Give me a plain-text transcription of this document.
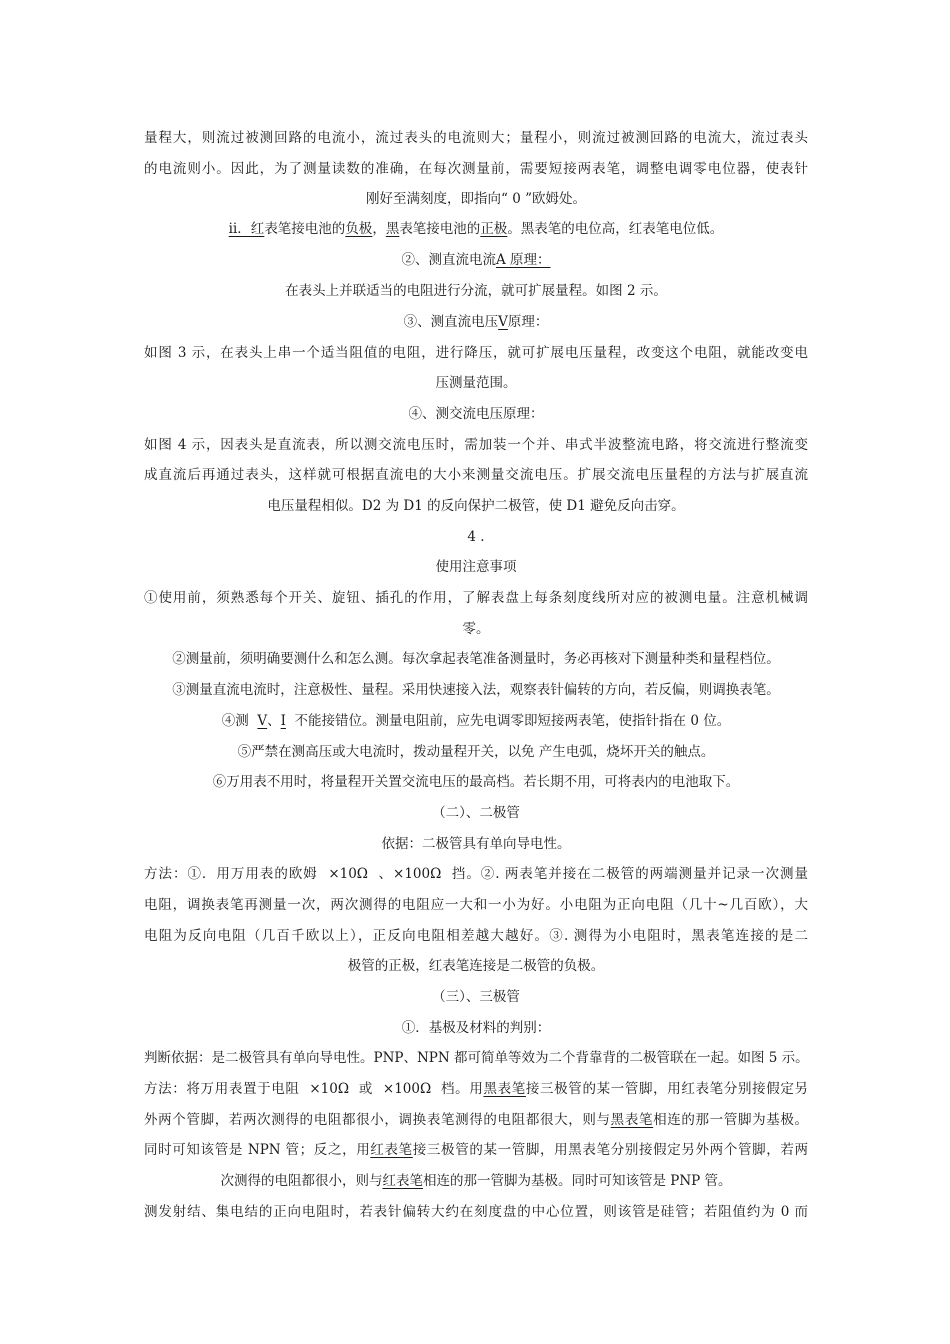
量程大，则流过被测回路的电流小，流过表头的电流则大；量程小，则流过被测回路的电流大，流过表头
的电流则小。因此，为了测量读数的准确，在每次测量前，需要短接两表笔，调整电调零电位器，使表针
刚好至满刻度，即指向“ 0 ”欧姆处。
ⅱ．红表笔接电池的负极，黑表笔接电池的正极。黑表笔的电位高，红表笔电位低。
②、测直流电流A 原理：
在表头上并联适当的电阻进行分流，就可扩展量程。如图 2 示。
③、测直流电压V原理：
如图 3 示，在表头上串一个适当阻值的电阻，进行降压，就可扩展电压量程，改变这个电阻，就能改变电
压测量范围。
④、测交流电压原理：
如图 4 示，因表头是直流表，所以测交流电压时，需加装一个并、串式半波整流电路，将交流进行整流变
成直流后再通过表头，这样就可根据直流电的大小来测量交流电压。扩展交流电压量程的方法与扩展直流
电压量程相似。D2 为 D1 的反向保护二极管，使 D1 避免反向击穿。
4 .
使用注意事项
①使用前，须熟悉每个开关、旋钮、插孔的作用，了解表盘上每条刻度线所对应的被测电量。注意机械调
零。
②测量前，须明确要测什么和怎么测。每次拿起表笔准备测量时，务必再核对下测量种类和量程档位。
③测量直流电流时，注意极性、量程。采用快速接入法，观察表针偏转的方向，若反偏，则调换表笔。
④测  V、I  不能接错位。测量电阻前，应先电调零即短接两表笔，使指针指在 0 位。
⑤严禁在测高压或大电流时，拨动量程开关，以免 产生电弧，烧坏开关的触点。
⑥万用表不用时，将量程开关置交流电压的最高档。若长期不用，可将表内的电池取下。
（二）、二极管
依据：二极管具有单向导电性。
方法：①．用万用表的欧姆  ×10Ω  、×100Ω  挡。②. 两表笔并接在二极管的两端测量并记录一次测量
电阻，调换表笔再测量一次，两次测得的电阻应一大和一小为好。小电阻为正向电阻（几十~几百欧），大
电阻为反向电阻（几百千欧以上），正反向电阻相差越大越好。③. 测得为小电阻时，黑表笔连接的是二
极管的正极，红表笔连接是二极管的负极。
（三）、三极管
①．基极及材料的判别：
判断依据：是二极管具有单向导电性。PNP、NPN 都可简单等效为二个背靠背的二极管联在一起。如图 5 示。
方法：将万用表置于电阻  ×10Ω  或  ×100Ω  档。用黑表笔接三极管的某一管脚，用红表笔分别接假定另
外两个管脚，若两次测得的电阻都很小，调换表笔测得的电阻都很大，则与黑表笔相连的那一管脚为基极。
同时可知该管是 NPN 管；反之，用红表笔接三极管的某一管脚，用黑表笔分别接假定另外两个管脚，若两
次测得的电阻都很小，则与红表笔相连的那一管脚为基极。同时可知该管是 PNP 管。
测发射结、集电结的正向电阻时，若表针偏转大约在刻度盘的中心位置，则该管是硅管；若阻值约为 0 而
